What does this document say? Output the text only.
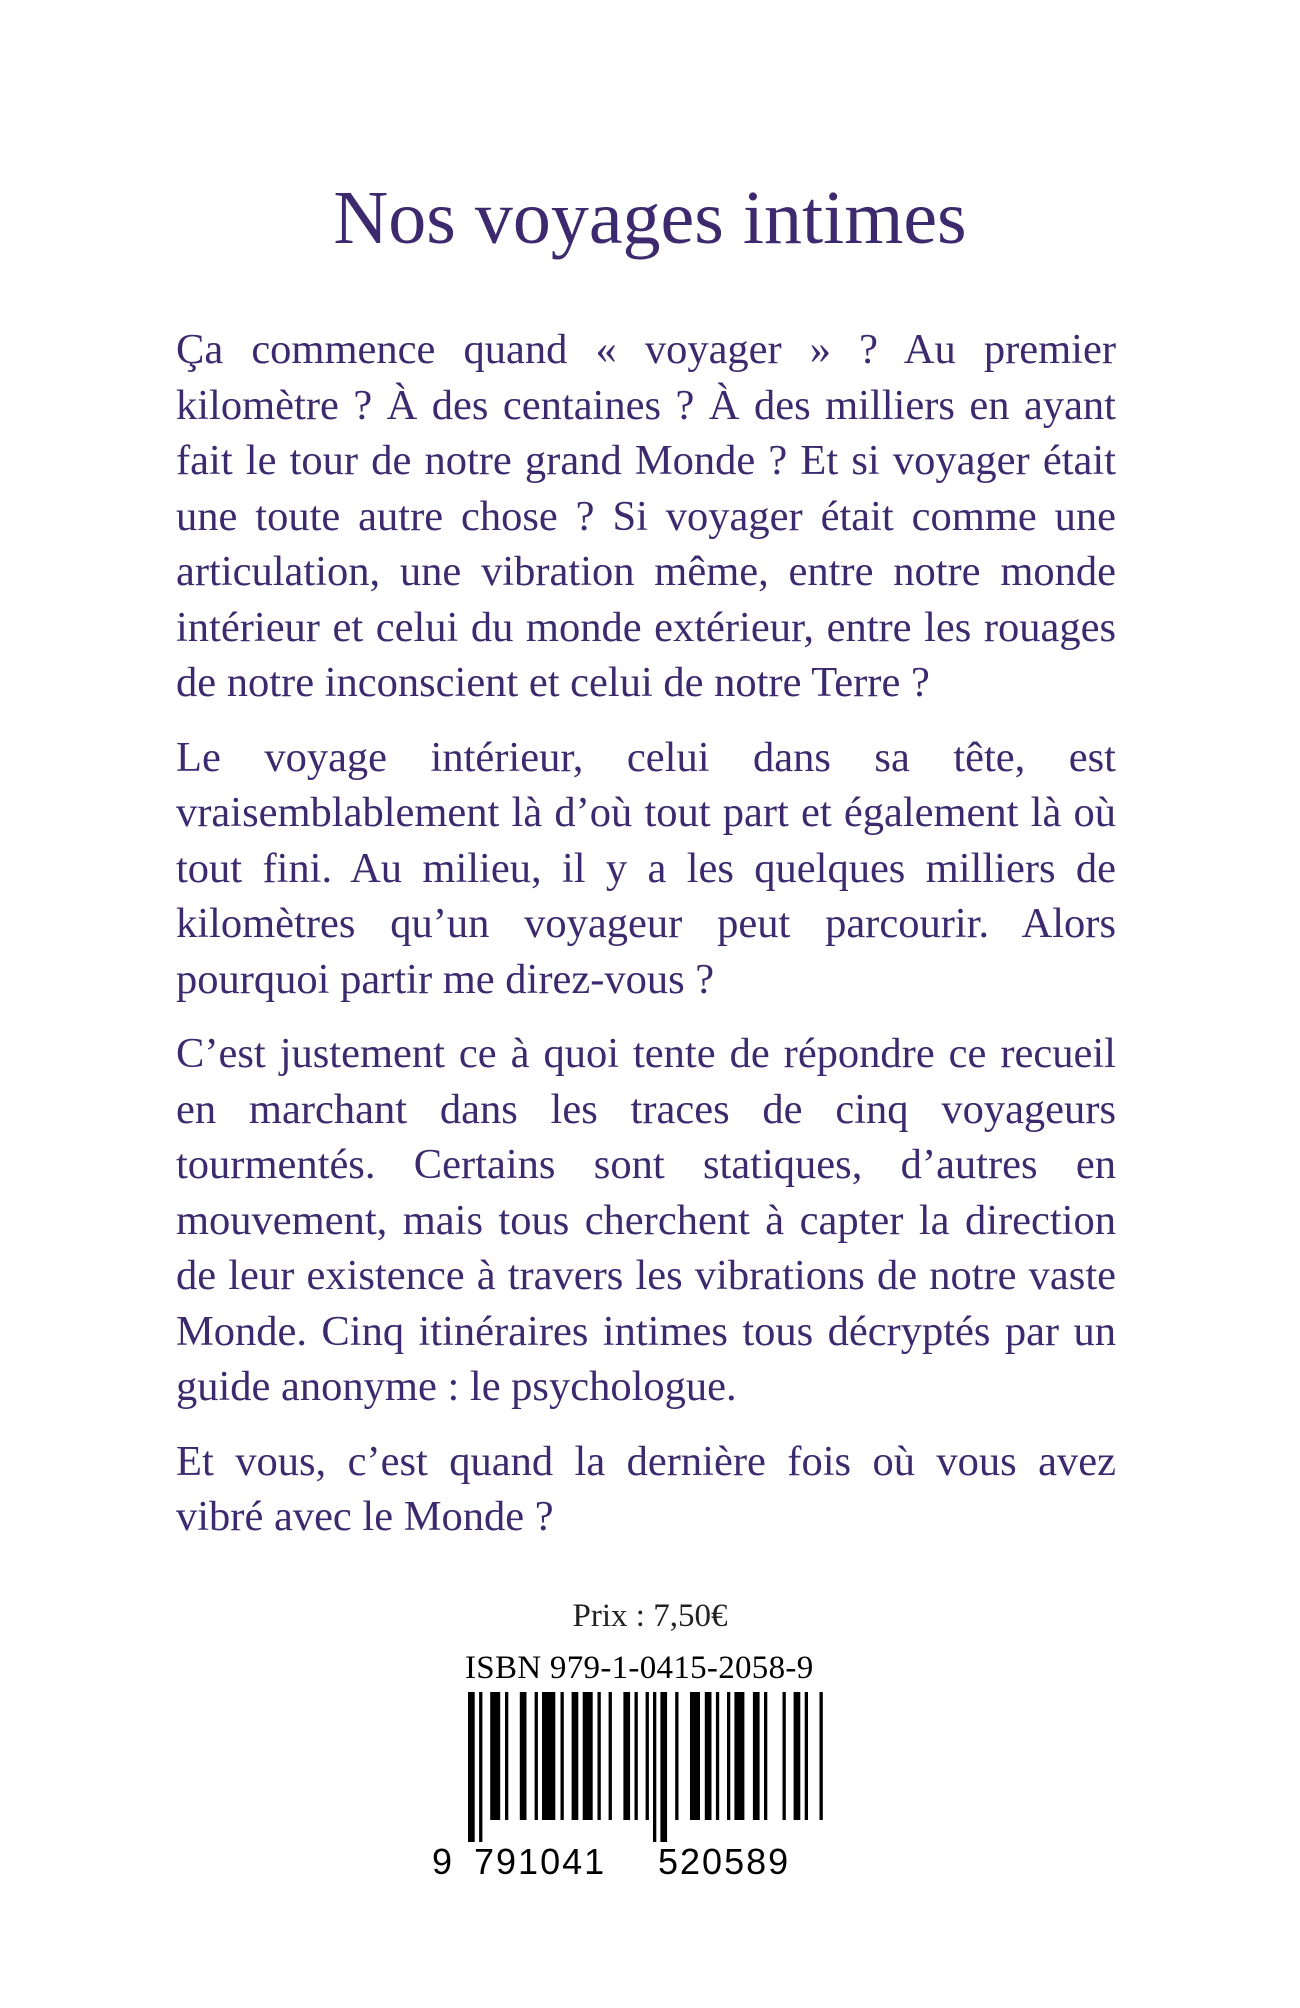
Nos voyages intimes

Ça commence quand « voyager » ? Au premier kilomètre ? À des centaines ? À des milliers en ayant fait le tour de notre grand Monde ? Et si voyager était une toute autre chose ? Si voyager était comme une articulation, une vibration même, entre notre monde intérieur et celui du monde extérieur, entre les rouages de notre inconscient et celui de notre Terre ?

Le voyage intérieur, celui dans sa tête, est vraisemblablement là d’où tout part et également là où tout fini. Au milieu, il y a les quelques milliers de kilomètres qu’un voyageur peut parcourir. Alors pourquoi partir me direz-vous ?

C’est justement ce à quoi tente de répondre ce recueil en marchant dans les traces de cinq voyageurs tourmentés. Certains sont statiques, d’autres en mouvement, mais tous cherchent à capter la direction de leur existence à travers les vibrations de notre vaste Monde. Cinq itinéraires intimes tous décryptés par un guide anonyme : le psychologue.

Et vous, c’est quand la dernière fois où vous avez vibré avec le Monde ?

Prix : 7,50€
ISBN 979-1-0415-2058-9
9 791041 520589
